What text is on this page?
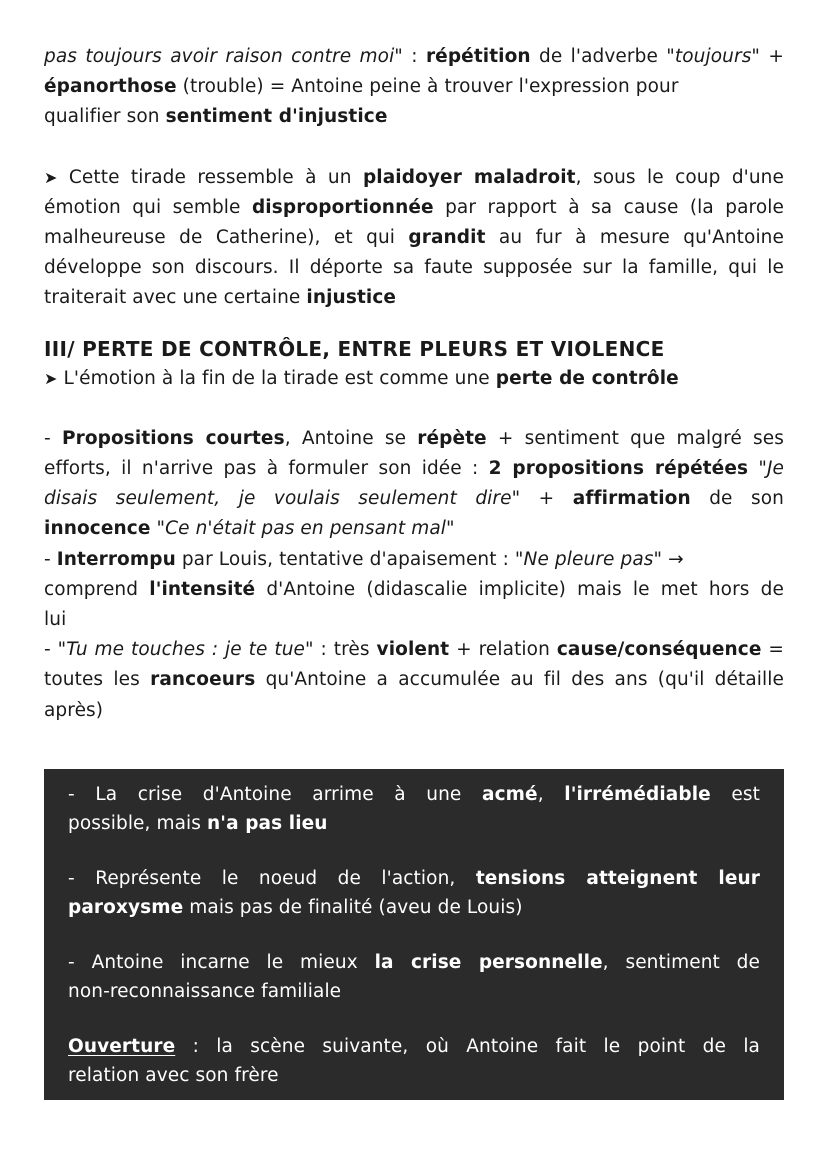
pas toujours avoir raison contre moi" : répétition de l'adverbe "toujours" +
épanorthose (trouble) = Antoine peine à trouver l'expression pour
qualifier son sentiment d'injustice
➤ Cette tirade ressemble à un plaidoyer maladroit, sous le coup d'une
émotion qui semble disproportionnée par rapport à sa cause (la parole
malheureuse de Catherine), et qui grandit au fur à mesure qu'Antoine
développe son discours. Il déporte sa faute supposée sur la famille, qui le
traiterait avec une certaine injustice
III/ PERTE DE CONTRÔLE, ENTRE PLEURS ET VIOLENCE
➤ L'émotion à la fin de la tirade est comme une perte de contrôle
- Propositions courtes, Antoine se répète + sentiment que malgré ses
efforts, il n'arrive pas à formuler son idée : 2 propositions répétées "Je
disais seulement, je voulais seulement dire" + affirmation de son
innocence "Ce n'était pas en pensant mal"
- Interrompu par Louis, tentative d'apaisement : "Ne pleure pas" →
comprend l'intensité d'Antoine (didascalie implicite) mais le met hors de
lui
- "Tu me touches : je te tue" : très violent + relation cause/conséquence =
toutes les rancoeurs qu'Antoine a accumulée au fil des ans (qu'il détaille
après)
- La crise d'Antoine arrime à une acmé, l'irrémédiable est
possible, mais n'a pas lieu
- Représente le noeud de l'action, tensions atteignent leur
paroxysme mais pas de finalité (aveu de Louis)
- Antoine incarne le mieux la crise personnelle, sentiment de
non-reconnaissance familiale
Ouverture : la scène suivante, où Antoine fait le point de la
relation avec son frère
